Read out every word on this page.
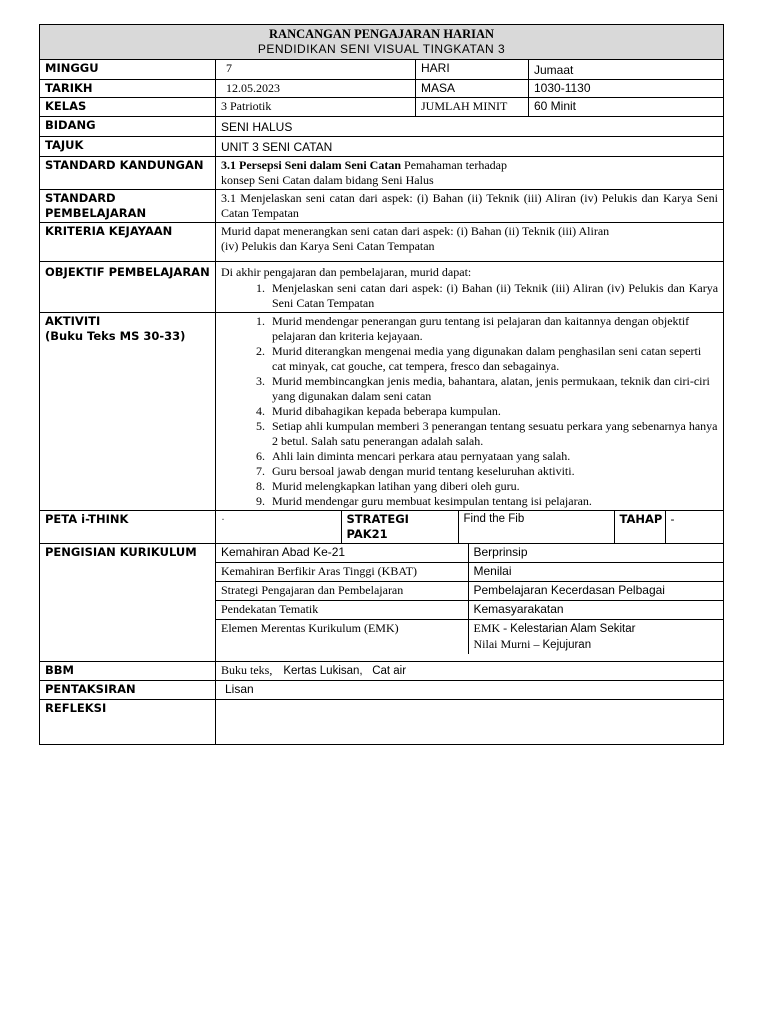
RANCANGAN PENGAJARAN HARIAN
PENDIDIKAN SENI VISUAL TINGKATAN 3

MINGGU	7	HARI	Jumaat
TARIKH	12.05.2023	MASA	1030-1130
KELAS	3 Patriotik	JUMLAH MINIT	60 Minit
BIDANG	SENI HALUS
TAJUK	UNIT 3 SENI CATAN
STANDARD KANDUNGAN	3.1 Persepsi Seni dalam Seni Catan Pemahaman terhadap
konsep Seni Catan dalam bidang Seni Halus
STANDARD PEMBELAJARAN	3.1 Menjelaskan seni catan dari aspek: (i) Bahan (ii) Teknik (iii) Aliran (iv) Pelukis dan Karya Seni Catan Tempatan
KRITERIA KEJAYAAN	Murid dapat menerangkan seni catan dari aspek: (i) Bahan (ii) Teknik (iii) Aliran
(iv) Pelukis dan Karya Seni Catan Tempatan
OBJEKTIF PEMBELAJARAN	Di akhir pengajaran dan pembelajaran, murid dapat:
1. Menjelaskan seni catan dari aspek: (i) Bahan (ii) Teknik (iii) Aliran (iv) Pelukis dan Karya Seni Catan Tempatan

AKTIVITI
(Buku Teks MS 30-33)

1. Murid mendengar penerangan guru tentang isi pelajaran dan kaitannya dengan objektif pelajaran dan kriteria kejayaan.
2. Murid diterangkan mengenai media yang digunakan dalam penghasilan seni catan seperti cat minyak, cat gouche, cat tempera, fresco dan sebagainya.
3. Murid membincangkan jenis media, bahantara, alatan, jenis permukaan, teknik dan ciri-ciri yang digunakan dalam seni catan
4. Murid dibahagikan kepada beberapa kumpulan.
5. Setiap ahli kumpulan memberi 3 penerangan tentang sesuatu perkara yang sebenarnya hanya 2 betul. Salah satu penerangan adalah salah.
6. Ahli lain diminta mencari perkara atau pernyataan yang salah.
7. Guru bersoal jawab dengan murid tentang keseluruhan aktiviti.
8. Murid melengkapkan latihan yang diberi oleh guru.
9. Murid mendengar guru membuat kesimpulan tentang isi pelajaran.

PETA i-THINK		·	STRATEGI PAK21	Find the Fib	TAHAP	-

PENGISIAN KURIKULUM	Kemahiran Abad Ke-21	Berprinsip
Kemahiran Berfikir Aras Tinggi (KBAT)	Menilai
Strategi Pengajaran dan Pembelajaran	Pembelajaran Kecerdasan Pelbagai
Pendekatan Tematik	Kemasyarakatan
Elemen Merentas Kurikulum (EMK)	EMK - Kelestarian Alam Sekitar
Nilai Murni – Kejujuran

BBM	Buku teks, Kertas Lukisan,   Cat air
PENTAKSIRAN	Lisan
REFLEKSI	
